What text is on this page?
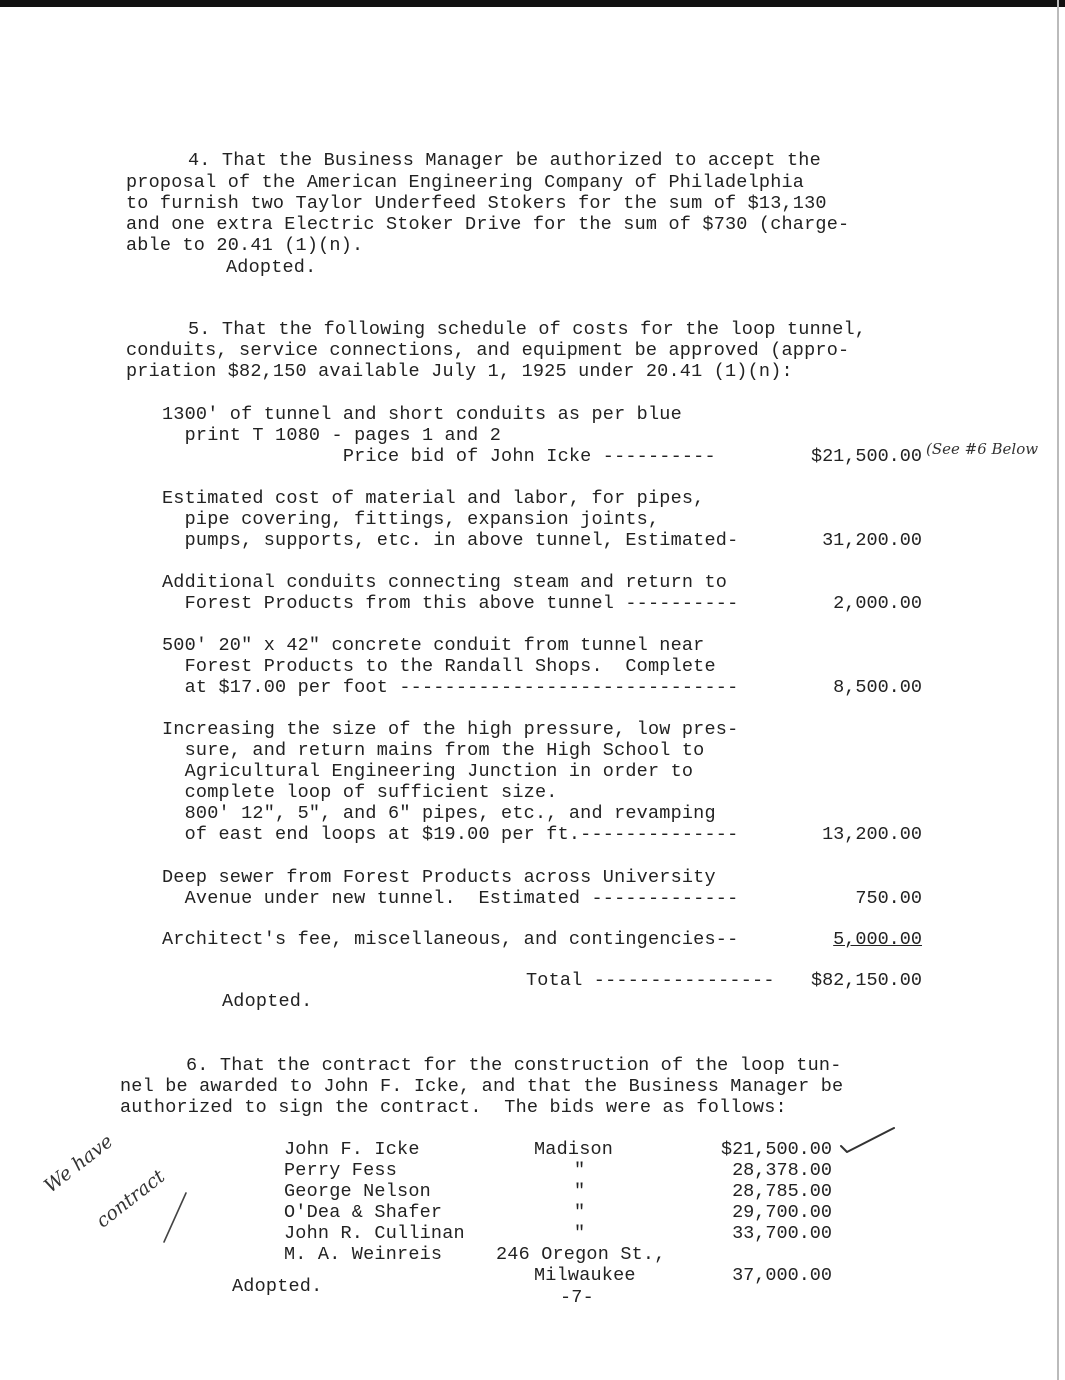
4. That the Business Manager be authorized to accept the
proposal of the American Engineering Company of Philadelphia
to furnish two Taylor Underfeed Stokers for the sum of $13,130
and one extra Electric Stoker Drive for the sum of $730 (charge-
able to 20.41 (1)(n).
Adopted.
5. That the following schedule of costs for the loop tunnel,
conduits, service connections, and equipment be approved (appro-
priation $82,150 available July 1, 1925 under 20.41 (1)(n):
1300' of tunnel and short conduits as per blue
print T 1080 - pages 1 and 2
Price bid of John Icke ----------	$21,500.00 (See #6 Below
Estimated cost of material and labor, for pipes,
pipe covering, fittings, expansion joints,
pumps, supports, etc. in above tunnel, Estimated-	31,200.00
Additional conduits connecting steam and return to
Forest Products from this above tunnel ----------	2,000.00
500' 20" x 42" concrete conduit from tunnel near
Forest Products to the Randall Shops.  Complete
at $17.00 per foot ------------------------------	8,500.00
Increasing the size of the high pressure, low pres-
sure, and return mains from the High School to
Agricultural Engineering Junction in order to
complete loop of sufficient size.
800' 12", 5", and 6" pipes, etc., and revamping
of east end loops at $19.00 per ft.--------------	13,200.00
Deep sewer from Forest Products across University
Avenue under new tunnel.  Estimated -------------	750.00
Architect's fee, miscellaneous, and contingencies--	5,000.00
Total ----------------	$82,150.00
Adopted.
6. That the contract for the construction of the loop tun-
nel be awarded to John F. Icke, and that the Business Manager be
authorized to sign the contract.  The bids were as follows:
John F. Icke	Madison	$21,500.00
Perry Fess	"	28,378.00
George Nelson	"	28,785.00
O'Dea & Shafer	"	29,700.00
John R. Cullinan	"	33,700.00
M. A. Weinreis	246 Oregon St.,
Milwaukee	37,000.00
Adopted.
We have
contract
-7-
